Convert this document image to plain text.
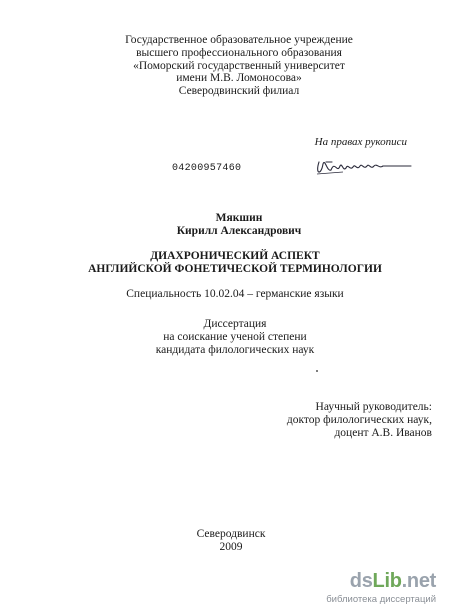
Государственное образовательное учреждение
высшего профессионального образования
«Поморский государственный университет
имени М.В. Ломоносова»
Северодвинский филиал
На правах рукописи
04200957460
Мякшин
Кирилл Александрович
ДИАХРОНИЧЕСКИЙ АСПЕКТ
АНГЛИЙСКОЙ ФОНЕТИЧЕСКОЙ ТЕРМИНОЛОГИИ
Специальность 10.02.04 – германские языки
Диссертация
на соискание ученой степени
кандидата филологических наук
Научный руководитель:
доктор филологических наук,
доцент А.В. Иванов
Северодвинск
2009
dsLib.net
библиотека диссертаций
